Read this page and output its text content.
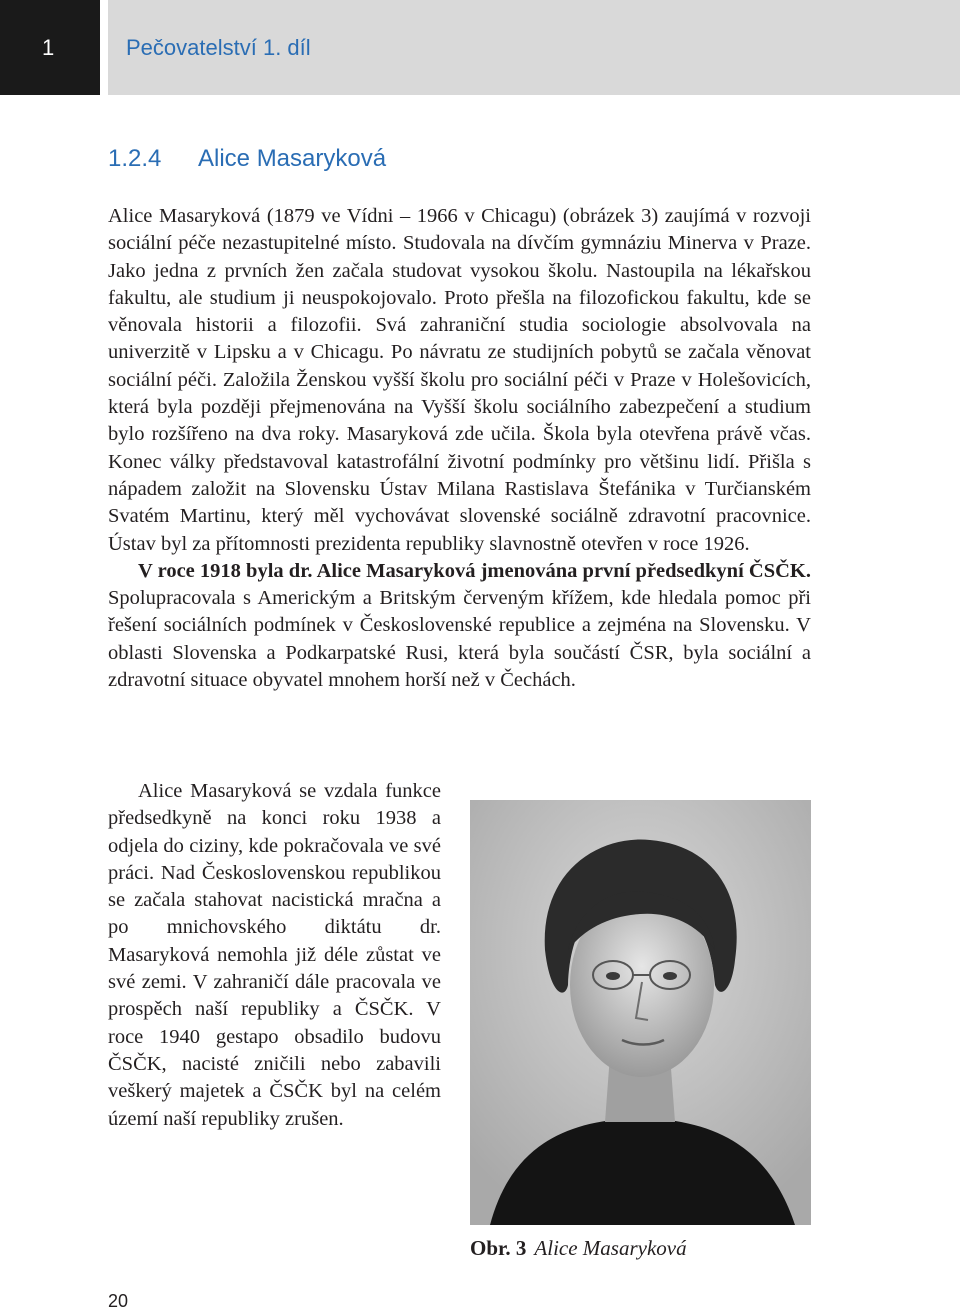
1	Pečovatelství 1. díl
1.2.4 Alice Masaryková

Alice Masaryková (1879 ve Vídni – 1966 v Chicagu) (obrázek 3) zaujímá v rozvoji sociální péče nezastupitelné místo. Studovala na dívčím gymnáziu Minerva v Praze. Jako jedna z prvních žen začala studovat vysokou školu. Nastoupila na lékařskou fakultu, ale studium ji neuspokojovalo. Proto přešla na filozofickou fakultu, kde se věnovala historii a filozofii. Svá zahraniční studia sociologie absolvovala na univerzitě v Lipsku a v Chicagu. Po návratu ze studijních pobytů se začala věnovat sociální péči. Založila Ženskou vyšší školu pro sociální péči v Praze v Holešovicích, která byla později přejmenována na Vyšší školu sociálního zabezpečení a studium bylo rozšířeno na dva roky. Masaryková zde učila. Škola byla otevřena právě včas. Konec války představoval katastrofální životní podmínky pro většinu lidí. Přišla s nápadem založit na Slovensku Ústav Milana Rastislava Štefánika v Turčianském Svatém Martinu, který měl vychovávat slovenské sociálně zdravotní pracovnice. Ústav byl za přítomnosti prezidenta republiky slavnostně otevřen v roce 1926.

V roce 1918 byla dr. Alice Masaryková jmenována první předsedkyní ČSČK. Spolupracovala s Americkým a Britským červeným křížem, kde hledala pomoc při řešení sociálních podmínek v Československé republice a zejména na Slovensku. V oblasti Slovenska a Podkarpatské Rusi, která byla součástí ČSR, byla sociální a zdravotní situace obyvatel mnohem horší než v Čechách.

Alice Masaryková se vzdala funkce předsedkyně na konci roku 1938 a odjela do ciziny, kde pokračovala ve své práci. Nad Československou republikou se začala stahovat nacistická mračna a po mnichovského diktátu dr. Masaryková nemohla již déle zůstat ve své zemi. V zahraničí dále pracovala ve prospěch naší republiky a ČSČK. V roce 1940 gestapo obsadilo budovu ČSČK, nacisté zničili nebo zabavili veškerý majetek a ČSČK byl na celém území naší republiky zrušen.

Obr. 3 Alice Masaryková
20
